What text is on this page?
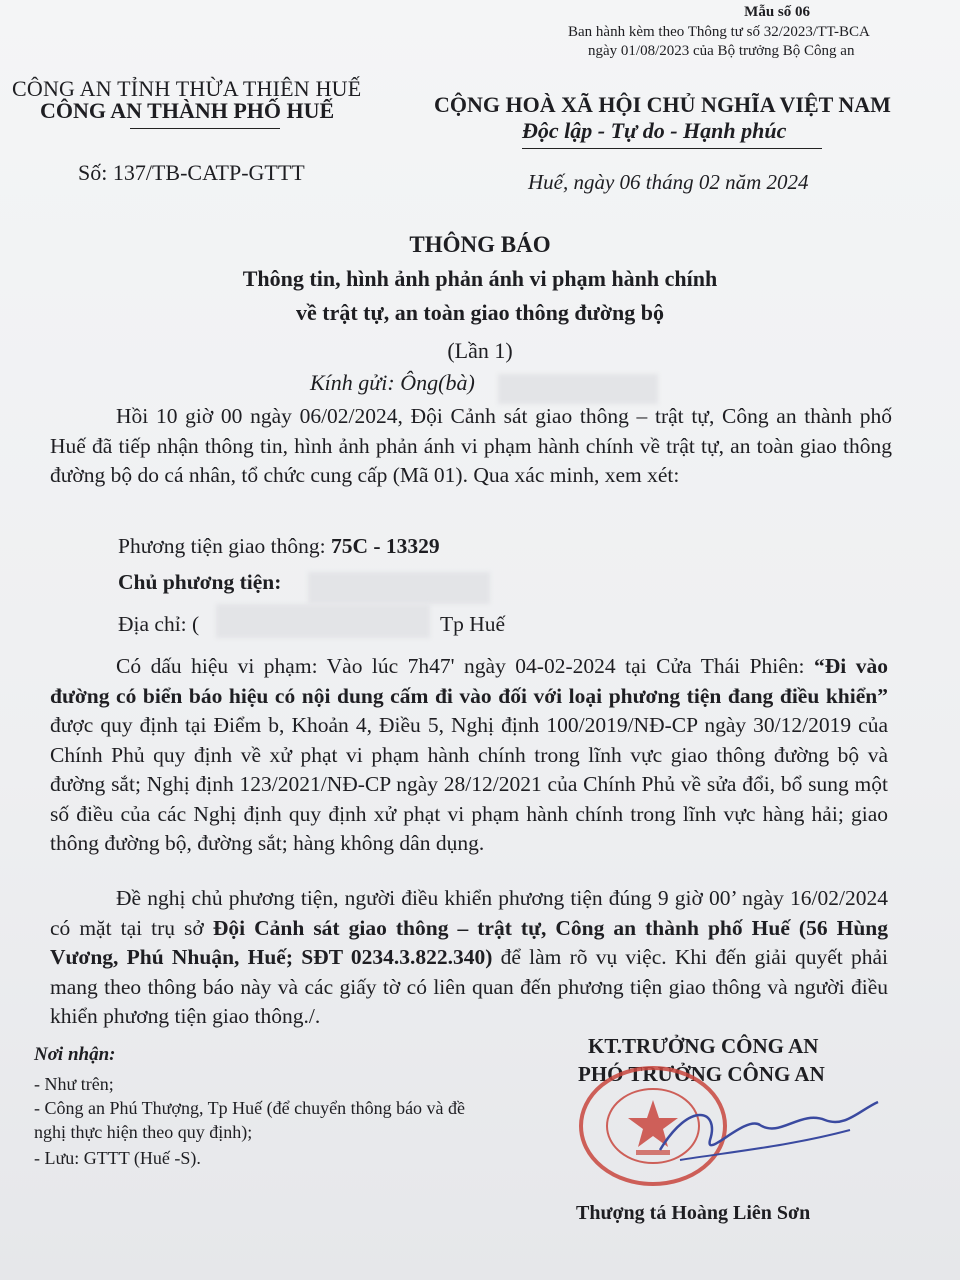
Mẫu số 06
Ban hành kèm theo Thông tư số 32/2023/TT-BCA
ngày 01/08/2023 của Bộ trưởng Bộ Công an
CÔNG AN TỈNH THỪA THIÊN HUẾ
CÔNG AN THÀNH PHỐ HUẾ	CỘNG HOÀ XÃ HỘI CHỦ NGHĨA VIỆT NAM
Độc lập - Tự do - Hạnh phúc
Số: 137/TB-CATP-GTTT	Huế, ngày 06 tháng 02 năm 2024
THÔNG BÁO
Thông tin, hình ảnh phản ánh vi phạm hành chính
về trật tự, an toàn giao thông đường bộ
(Lần 1)
Kính gửi: Ông(bà)
Hồi 10 giờ 00 ngày 06/02/2024, Đội Cảnh sát giao thông – trật tự, Công an thành phố Huế đã tiếp nhận thông tin, hình ảnh phản ánh vi phạm hành chính về trật tự, an toàn giao thông đường bộ do cá nhân, tổ chức cung cấp (Mã 01). Qua xác minh, xem xét:
Phương tiện giao thông: 75C - 13329
Chủ phương tiện:
Địa chỉ: (	Tp Huế
Có dấu hiệu vi phạm: Vào lúc 7h47' ngày 04-02-2024 tại Cửa Thái Phiên: “Đi vào đường có biển báo hiệu có nội dung cấm đi vào đối với loại phương tiện đang điều khiển” được quy định tại Điểm b, Khoản 4, Điều 5, Nghị định 100/2019/NĐ-CP ngày 30/12/2019 của Chính Phủ quy định về xử phạt vi phạm hành chính trong lĩnh vực giao thông đường bộ và đường sắt; Nghị định 123/2021/NĐ-CP ngày 28/12/2021 của Chính Phủ về sửa đổi, bổ sung một số điều của các Nghị định quy định xử phạt vi phạm hành chính trong lĩnh vực hàng hải; giao thông đường bộ, đường sắt; hàng không dân dụng.
Đề nghị chủ phương tiện, người điều khiển phương tiện đúng 9 giờ 00’ ngày 16/02/2024 có mặt tại trụ sở Đội Cảnh sát giao thông – trật tự, Công an thành phố Huế (56 Hùng Vương, Phú Nhuận, Huế; SĐT 0234.3.822.340) để làm rõ vụ việc. Khi đến giải quyết phải mang theo thông báo này và các giấy tờ có liên quan đến phương tiện giao thông và người điều khiển phương tiện giao thông./.
Nơi nhận:
- Như trên;
- Công an Phú Thượng, Tp Huế (để chuyển thông báo và đề nghị thực hiện theo quy định);
- Lưu: GTTT (Huế -S).
KT.TRƯỞNG CÔNG AN
PHÓ TRƯỞNG CÔNG AN
Thượng tá Hoàng Liên Sơn
